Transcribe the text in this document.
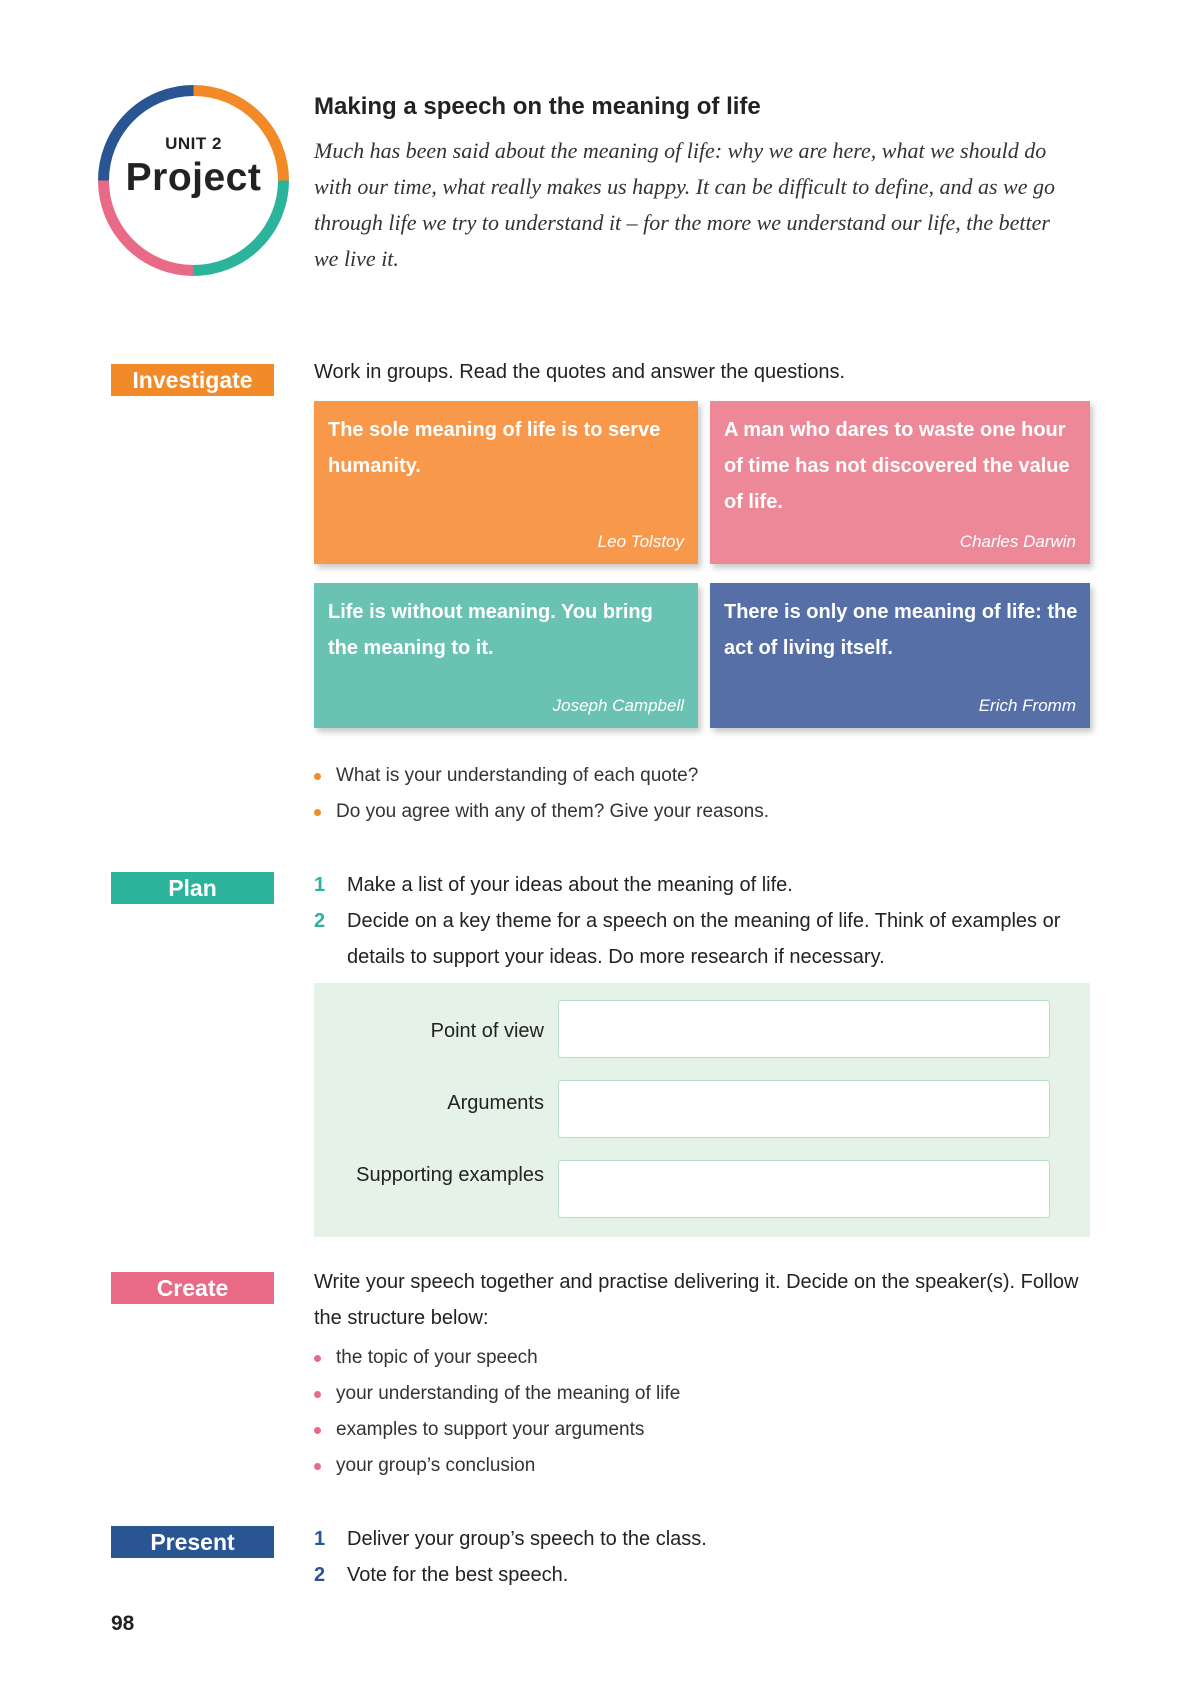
UNIT 2
Project
Making a speech on the meaning of life
Much has been said about the meaning of life: why we are here, what we should do with our time, what really makes us happy. It can be difficult to define, and as we go through life we try to understand it – for the more we understand our life, the better we live it.
Investigate	Work in groups. Read the quotes and answer the questions.
The sole meaning of life is to serve humanity.
Leo Tolstoy
A man who dares to waste one hour of time has not discovered the value of life.
Charles Darwin
Life is without meaning. You bring the meaning to it.
Joseph Campbell
There is only one meaning of life: the act of living itself.
Erich Fromm
What is your understanding of each quote?
Do you agree with any of them? Give your reasons.
Plan	1 Make a list of your ideas about the meaning of life.
2 Decide on a key theme for a speech on the meaning of life. Think of examples or details to support your ideas. Do more research if necessary.
Point of view
Arguments
Supporting examples
Create	Write your speech together and practise delivering it. Decide on the speaker(s). Follow the structure below:
the topic of your speech
your understanding of the meaning of life
examples to support your arguments
your group’s conclusion
Present	1 Deliver your group’s speech to the class.
2 Vote for the best speech.
98
